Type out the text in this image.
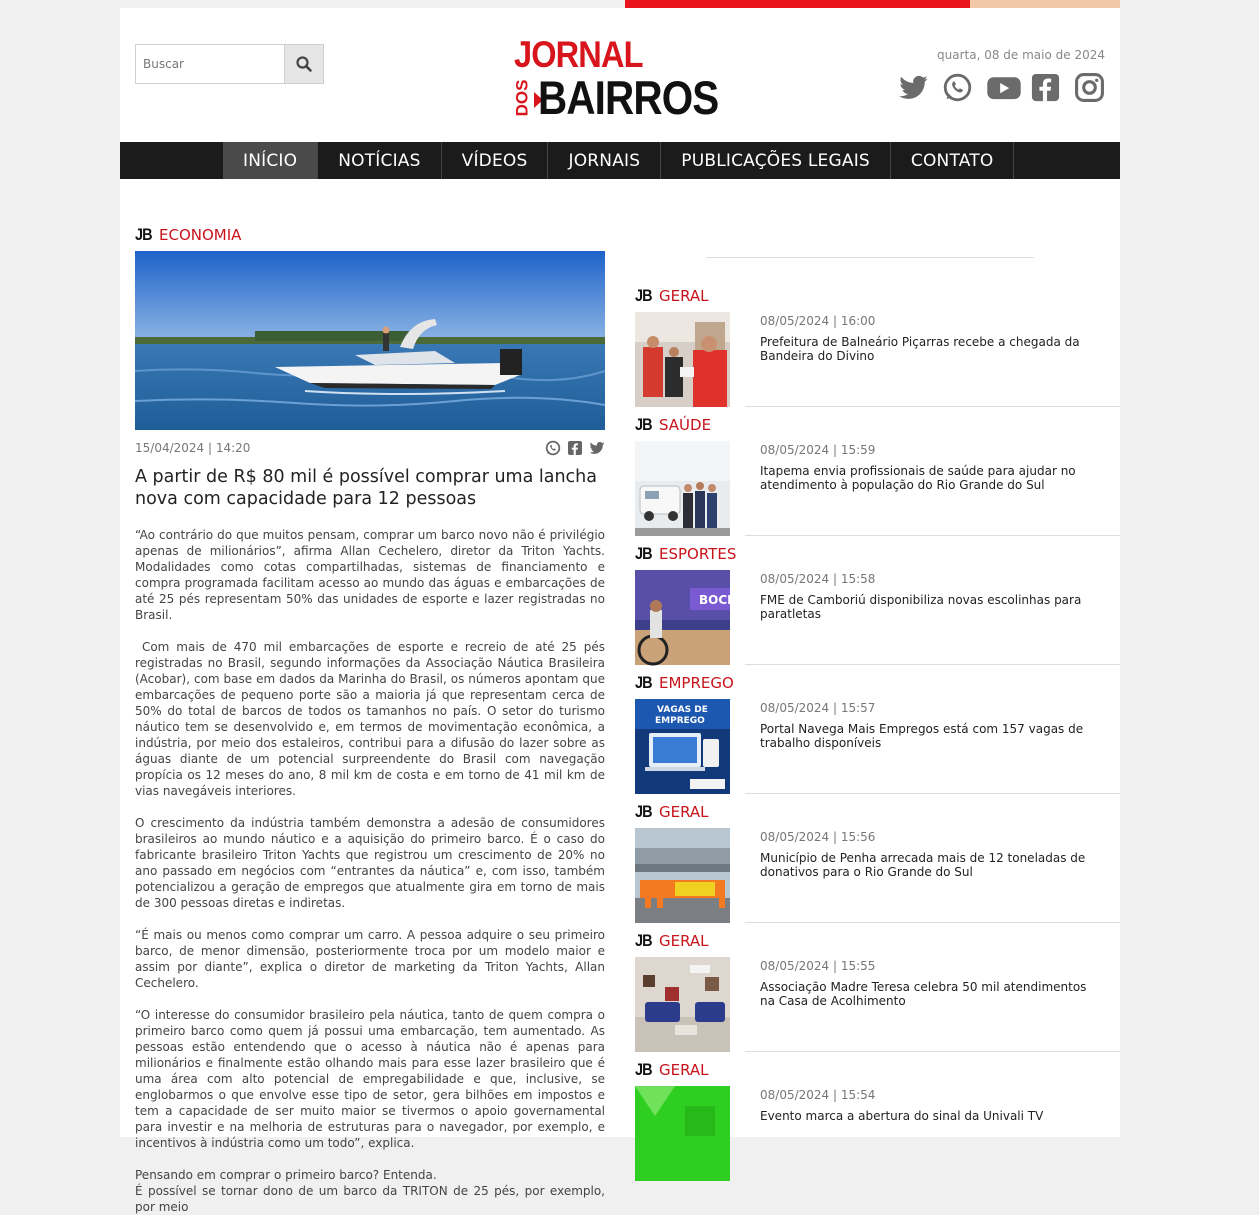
Buscar
JORNAL
DOS BAIRROS
quarta, 08 de maio de 2024
INÍCIO	NOTÍCIAS	VÍDEOS	JORNAIS	PUBLICAÇÕES LEGAIS	CONTATO
JB ECONOMIA
15/04/2024 | 14:20
A partir de R$ 80 mil é possível comprar uma lancha nova com capacidade para 12 pessoas

“Ao contrário do que muitos pensam, comprar um barco novo não é privilégio apenas de milionários”, afirma Allan Cechelero, diretor da Triton Yachts. Modalidades como cotas compartilhadas, sistemas de financiamento e compra programada facilitam acesso ao mundo das águas e embarcações de até 25 pés representam 50% das unidades de esporte e lazer registradas no Brasil.

Com mais de 470 mil embarcações de esporte e recreio de até 25 pés registradas no Brasil, segundo informações da Associação Náutica Brasileira (Acobar), com base em dados da Marinha do Brasil, os números apontam que embarcações de pequeno porte são a maioria já que representam cerca de 50% do total de barcos de todos os tamanhos no país. O setor do turismo náutico tem se desenvolvido e, em termos de movimentação econômica, a indústria, por meio dos estaleiros, contribui para a difusão do lazer sobre as águas diante de um potencial surpreendente do Brasil com navegação propícia os 12 meses do ano, 8 mil km de costa e em torno de 41 mil km de vias navegáveis interiores.

O crescimento da indústria também demonstra a adesão de consumidores brasileiros ao mundo náutico e a aquisição do primeiro barco. É o caso do fabricante brasileiro Triton Yachts que registrou um crescimento de 20% no ano passado em negócios com “entrantes da náutica” e, com isso, também potencializou a geração de empregos que atualmente gira em torno de mais de 300 pessoas diretas e indiretas.

“É mais ou menos como comprar um carro. A pessoa adquire o seu primeiro barco, de menor dimensão, posteriormente troca por um modelo maior e assim por diante”, explica o diretor de marketing da Triton Yachts, Allan Cechelero.

“O interesse do consumidor brasileiro pela náutica, tanto de quem compra o primeiro barco como quem já possui uma embarcação, tem aumentado. As pessoas estão entendendo que o acesso à náutica não é apenas para milionários e finalmente estão olhando mais para esse lazer brasileiro que é uma área com alto potencial de empregabilidade e que, inclusive, se englobarmos o que envolve esse tipo de setor, gera bilhões em impostos e tem a capacidade de ser muito maior se tivermos o apoio governamental para investir e na melhoria de estruturas para o navegador, por exemplo, e incentivos à indústria como um todo”, explica.

Pensando em comprar o primeiro barco? Entenda.

É possível se tornar dono de um barco da TRITON de 25 pés, por exemplo, por meio

JB GERAL
08/05/2024 | 16:00
Prefeitura de Balneário Piçarras recebe a chegada da Bandeira do Divino
JB SAÚDE
08/05/2024 | 15:59
Itapema envia profissionais de saúde para ajudar no atendimento à população do Rio Grande do Sul
JB ESPORTES
BOCH
08/05/2024 | 15:58
FME de Camboriú disponibiliza novas escolinhas para paratletas
JB EMPREGO
VAGAS DE
EMPREGO
08/05/2024 | 15:57
Portal Navega Mais Empregos está com 157 vagas de trabalho disponíveis
JB GERAL
08/05/2024 | 15:56
Município de Penha arrecada mais de 12 toneladas de donativos para o Rio Grande do Sul
JB GERAL
08/05/2024 | 15:55
Associação Madre Teresa celebra 50 mil atendimentos na Casa de Acolhimento
JB GERAL
08/05/2024 | 15:54
Evento marca a abertura do sinal da Univali TV
